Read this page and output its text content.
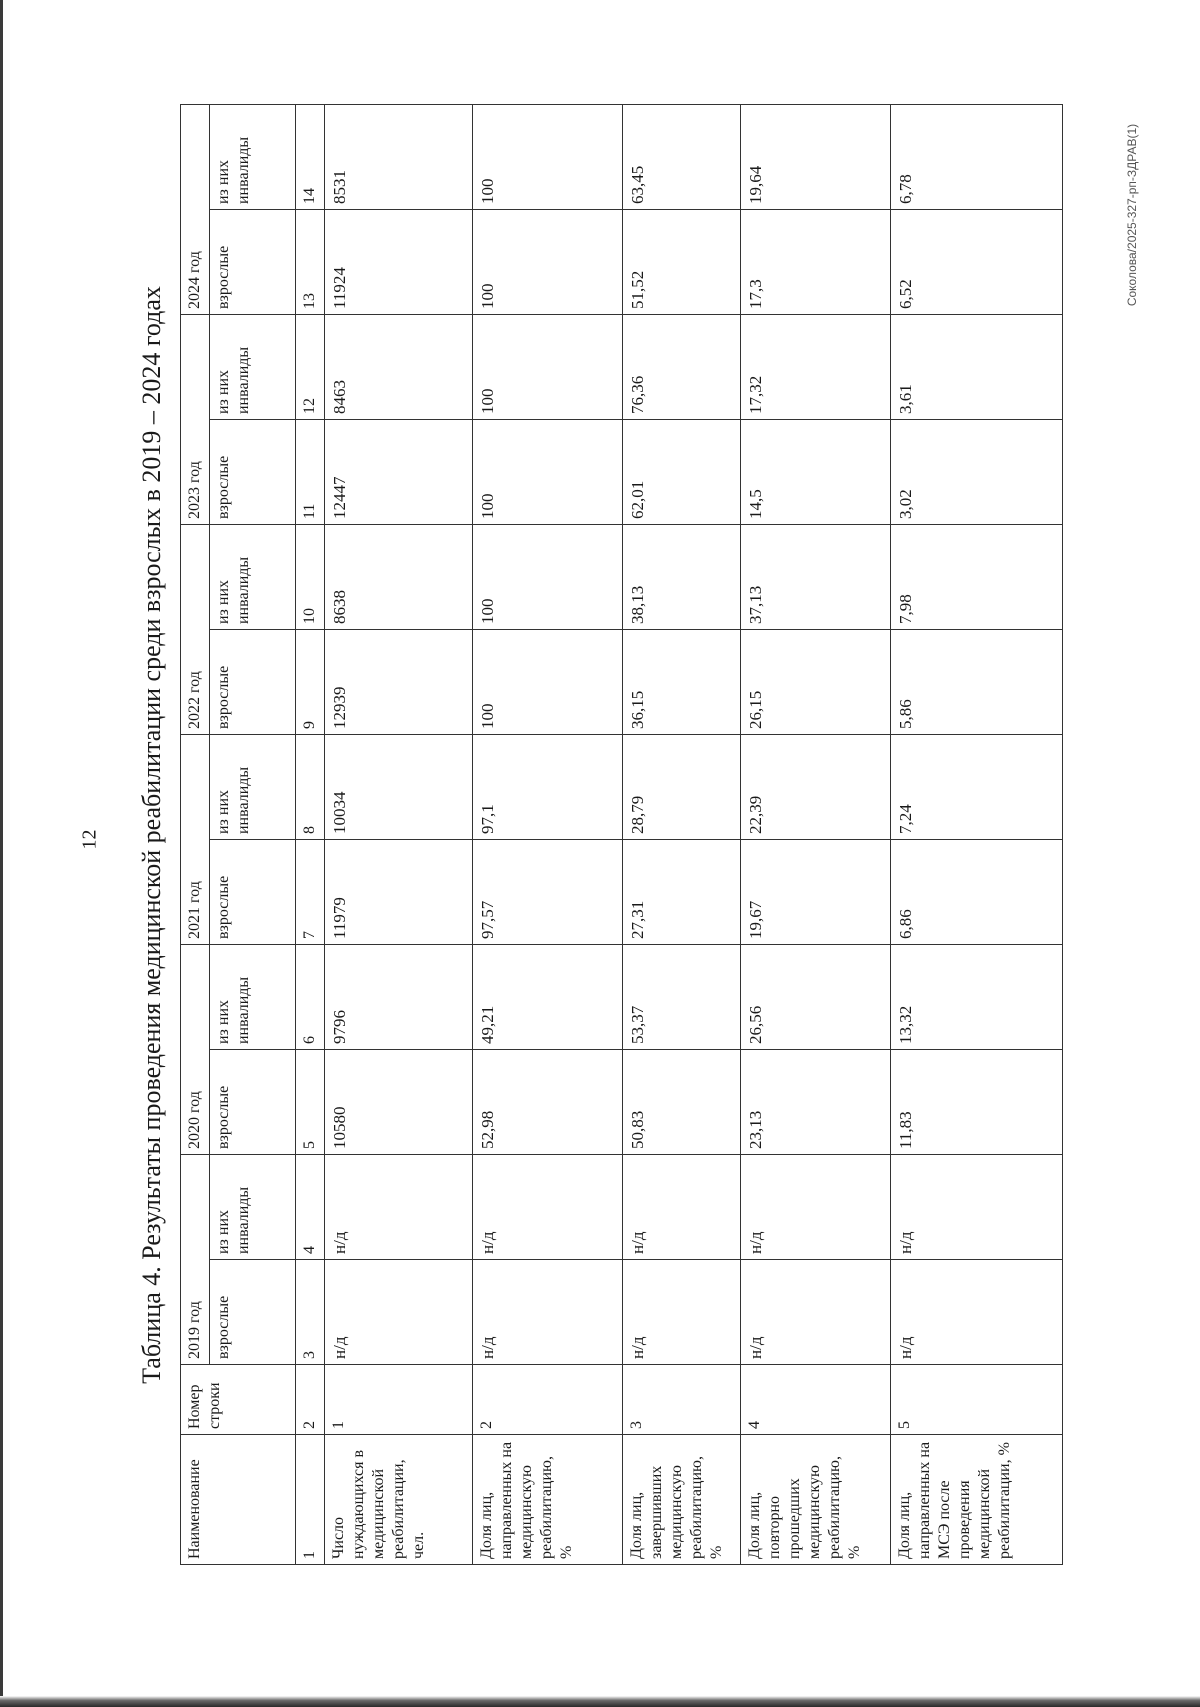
12 Таблица 4. Результаты проведения медицинской реабилитации среди взрослых в 2019 – 2024 годах
Наименование	Номер строки	2019 год		2020 год		2021 год		2022 год		2023 год		2024 год	
		взрослые	из них инвалиды	взрослые	из них инвалиды	взрослые	из них инвалиды	взрослые	из них инвалиды	взрослые	из них инвалиды	взрослые	из них инвалиды
1	2	3	4	5	6	7	8	9	10	11	12	13	14
Число нуждающихся в медицинской реабилитации, чел.	1	н/д	н/д	10580	9796	11979	10034	12939	8638	12447	8463	11924	8531
Доля лиц, направленных на медицинскую реабилитацию, %	2	н/д	н/д	52,98	49,21	97,57	97,1	100	100	100	100	100	100
Доля лиц, завершивших медицинскую реабилитацию, %	3	н/д	н/д	50,83	53,37	27,31	28,79	36,15	38,13	62,01	76,36	51,52	63,45
Доля лиц, повторно прошедших медицинскую реабилитацию, %	4	н/д	н/д	23,13	26,56	19,67	22,39	26,15	37,13	14,5	17,32	17,3	19,64
Доля лиц, направленных на МСЭ после проведения медицинской реабилитации, %	5	н/д	н/д	11,83	13,32	6,86	7,24	5,86	7,98	3,02	3,61	6,52	6,78	Соколова/2025-327-рп-ЗДРАВ(1)
